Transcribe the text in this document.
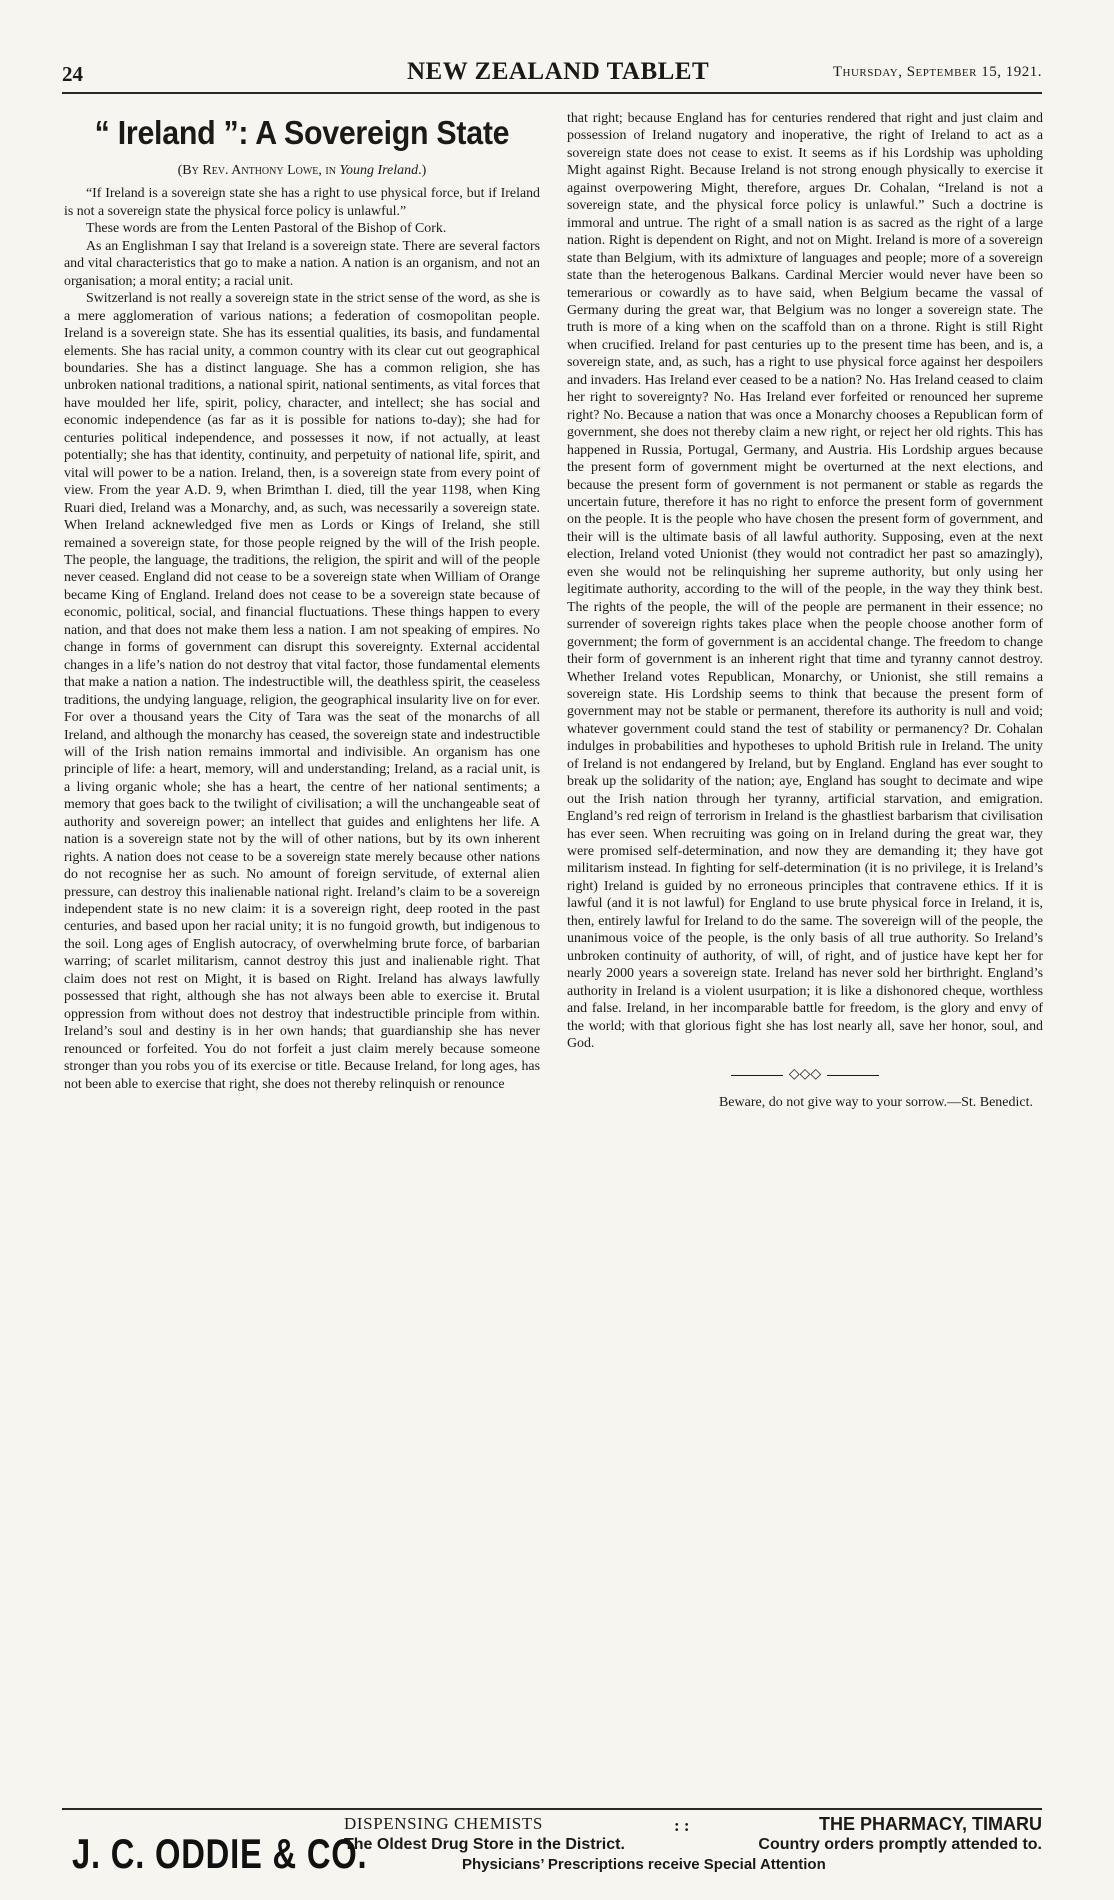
24	NEW ZEALAND TABLET	Thursday, September 15, 1921.
“ Ireland ”: A Sovereign State
(By Rev. Anthony Lowe, in Young Ireland.)

“If Ireland is a sovereign state she has a right to use physical force, but if Ireland is not a sovereign state the physical force policy is unlawful.”

These words are from the Lenten Pastoral of the Bishop of Cork.

As an Englishman I say that Ireland is a sovereign state. There are several factors and vital characteristics that go to make a nation. A nation is an organism, and not an organisation; a moral entity; a racial unit.

Switzerland is not really a sovereign state in the strict sense of the word, as she is a mere agglomeration of various nations; a federation of cosmopolitan people. Ireland is a sovereign state. She has its essential qualities, its basis, and fundamental elements. She has racial unity, a common country with its clear cut out geographical boundaries. She has a distinct language. She has a common religion, she has unbroken national traditions, a national spirit, national sentiments, as vital forces that have moulded her life, spirit, policy, character, and intellect; she has social and economic independence (as far as it is possible for nations to-day); she had for centuries political independence, and possesses it now, if not actually, at least potentially; she has that identity, continuity, and perpetuity of national life, spirit, and vital will power to be a nation. Ireland, then, is a sovereign state from every point of view. From the year A.D. 9, when Brimthan I. died, till the year 1198, when King Ruari died, Ireland was a Monarchy, and, as such, was necessarily a sovereign state. When Ireland acknewledged five men as Lords or Kings of Ireland, she still remained a sovereign state, for those people reigned by the will of the Irish people. The people, the language, the traditions, the religion, the spirit and will of the people never ceased. England did not cease to be a sovereign state when William of Orange became King of England. Ireland does not cease to be a sovereign state because of economic, political, social, and financial fluctuations. These things happen to every nation, and that does not make them less a nation. I am not speaking of empires. No change in forms of government can disrupt this sovereignty. External accidental changes in a life’s nation do not destroy that vital factor, those fundamental elements that make a nation a nation. The indestructible will, the deathless spirit, the ceaseless traditions, the undying language, religion, the geographical insularity live on for ever. For over a thousand years the City of Tara was the seat of the monarchs of all Ireland, and although the monarchy has ceased, the sovereign state and indestructible will of the Irish nation remains immortal and indivisible. An organism has one principle of life: a heart, memory, will and understanding; Ireland, as a racial unit, is a living organic whole; she has a heart, the centre of her national sentiments; a memory that goes back to the twilight of civilisation; a will the unchangeable seat of authority and sovereign power; an intellect that guides and enlightens her life. A nation is a sovereign state not by the will of other nations, but by its own inherent rights. A nation does not cease to be a sovereign state merely because other nations do not recognise her as such. No amount of foreign servitude, of external alien pressure, can destroy this inalienable national right. Ireland’s claim to be a sovereign independent state is no new claim: it is a sovereign right, deep rooted in the past centuries, and based upon her racial unity; it is no fungoid growth, but indigenous to the soil. Long ages of English autocracy, of overwhelming brute force, of barbarian warring; of scarlet militarism, cannot destroy this just and inalienable right. That claim does not rest on Might, it is based on Right. Ireland has always lawfully possessed that right, although she has not always been able to exercise it. Brutal oppression from without does not destroy that indestructible principle from within. Ireland’s soul and destiny is in her own hands; that guardianship she has never renounced or forfeited. You do not forfeit a just claim merely because someone stronger than you robs you of its exercise or title. Because Ireland, for long ages, has not been able to exercise that right, she does not thereby relinquish or renounce

that right; because England has for centuries rendered that right and just claim and possession of Ireland nugatory and inoperative, the right of Ireland to act as a sovereign state does not cease to exist. It seems as if his Lordship was upholding Might against Right. Because Ireland is not strong enough physically to exercise it against overpowering Might, therefore, argues Dr. Cohalan, “Ireland is not a sovereign state, and the physical force policy is unlawful.” Such a doctrine is immoral and untrue. The right of a small nation is as sacred as the right of a large nation. Right is dependent on Right, and not on Might. Ireland is more of a sovereign state than Belgium, with its admixture of languages and people; more of a sovereign state than the heterogenous Balkans. Cardinal Mercier would never have been so temerarious or cowardly as to have said, when Belgium became the vassal of Germany during the great war, that Belgium was no longer a sovereign state. The truth is more of a king when on the scaffold than on a throne. Right is still Right when crucified. Ireland for past centuries up to the present time has been, and is, a sovereign state, and, as such, has a right to use physical force against her despoilers and invaders. Has Ireland ever ceased to be a nation? No. Has Ireland ceased to claim her right to sovereignty? No. Has Ireland ever forfeited or renounced her supreme right? No. Because a nation that was once a Monarchy chooses a Republican form of government, she does not thereby claim a new right, or reject her old rights. This has happened in Russia, Portugal, Germany, and Austria. His Lordship argues because the present form of government might be overturned at the next elections, and because the present form of government is not permanent or stable as regards the uncertain future, therefore it has no right to enforce the present form of government on the people. It is the people who have chosen the present form of government, and their will is the ultimate basis of all lawful authority. Supposing, even at the next election, Ireland voted Unionist (they would not contradict her past so amazingly), even she would not be relinquishing her supreme authority, but only using her legitimate authority, according to the will of the people, in the way they think best. The rights of the people, the will of the people are permanent in their essence; no surrender of sovereign rights takes place when the people choose another form of government; the form of government is an accidental change. The freedom to change their form of government is an inherent right that time and tyranny cannot destroy. Whether Ireland votes Republican, Monarchy, or Unionist, she still remains a sovereign state. His Lordship seems to think that because the present form of government may not be stable or permanent, therefore its authority is null and void; whatever government could stand the test of stability or permanency? Dr. Cohalan indulges in probabilities and hypotheses to uphold British rule in Ireland. The unity of Ireland is not endangered by Ireland, but by England. England has ever sought to break up the solidarity of the nation; aye, England has sought to decimate and wipe out the Irish nation through her tyranny, artificial starvation, and emigration. England’s red reign of terrorism in Ireland is the ghastliest barbarism that civilisation has ever seen. When recruiting was going on in Ireland during the great war, they were promised self-determination, and now they are demanding it; they have got militarism instead. In fighting for self-determination (it is no privilege, it is Ireland’s right) Ireland is guided by no erroneous principles that contravene ethics. If it is lawful (and it is not lawful) for England to use brute physical force in Ireland, it is, then, entirely lawful for Ireland to do the same. The sovereign will of the people, the unanimous voice of the people, is the only basis of all true authority. So Ireland’s unbroken continuity of authority, of will, of right, and of justice have kept her for nearly 2000 years a sovereign state. Ireland has never sold her birthright. England’s authority in Ireland is a violent usurpation; it is like a dishonored cheque, worthless and false. Ireland, in her incomparable battle for freedom, is the glory and envy of the world; with that glorious fight she has lost nearly all, save her honor, soul, and God.

◇◇◇
Beware, do not give way to your sorrow.—St. Benedict.
J. C. ODDIE & CO.
DISPENSING CHEMISTS	: :
The Oldest Drug Store in the District.
Physicians’ Prescriptions receive Special Attention
THE PHARMACY, TIMARU
Country orders promptly attended to.
